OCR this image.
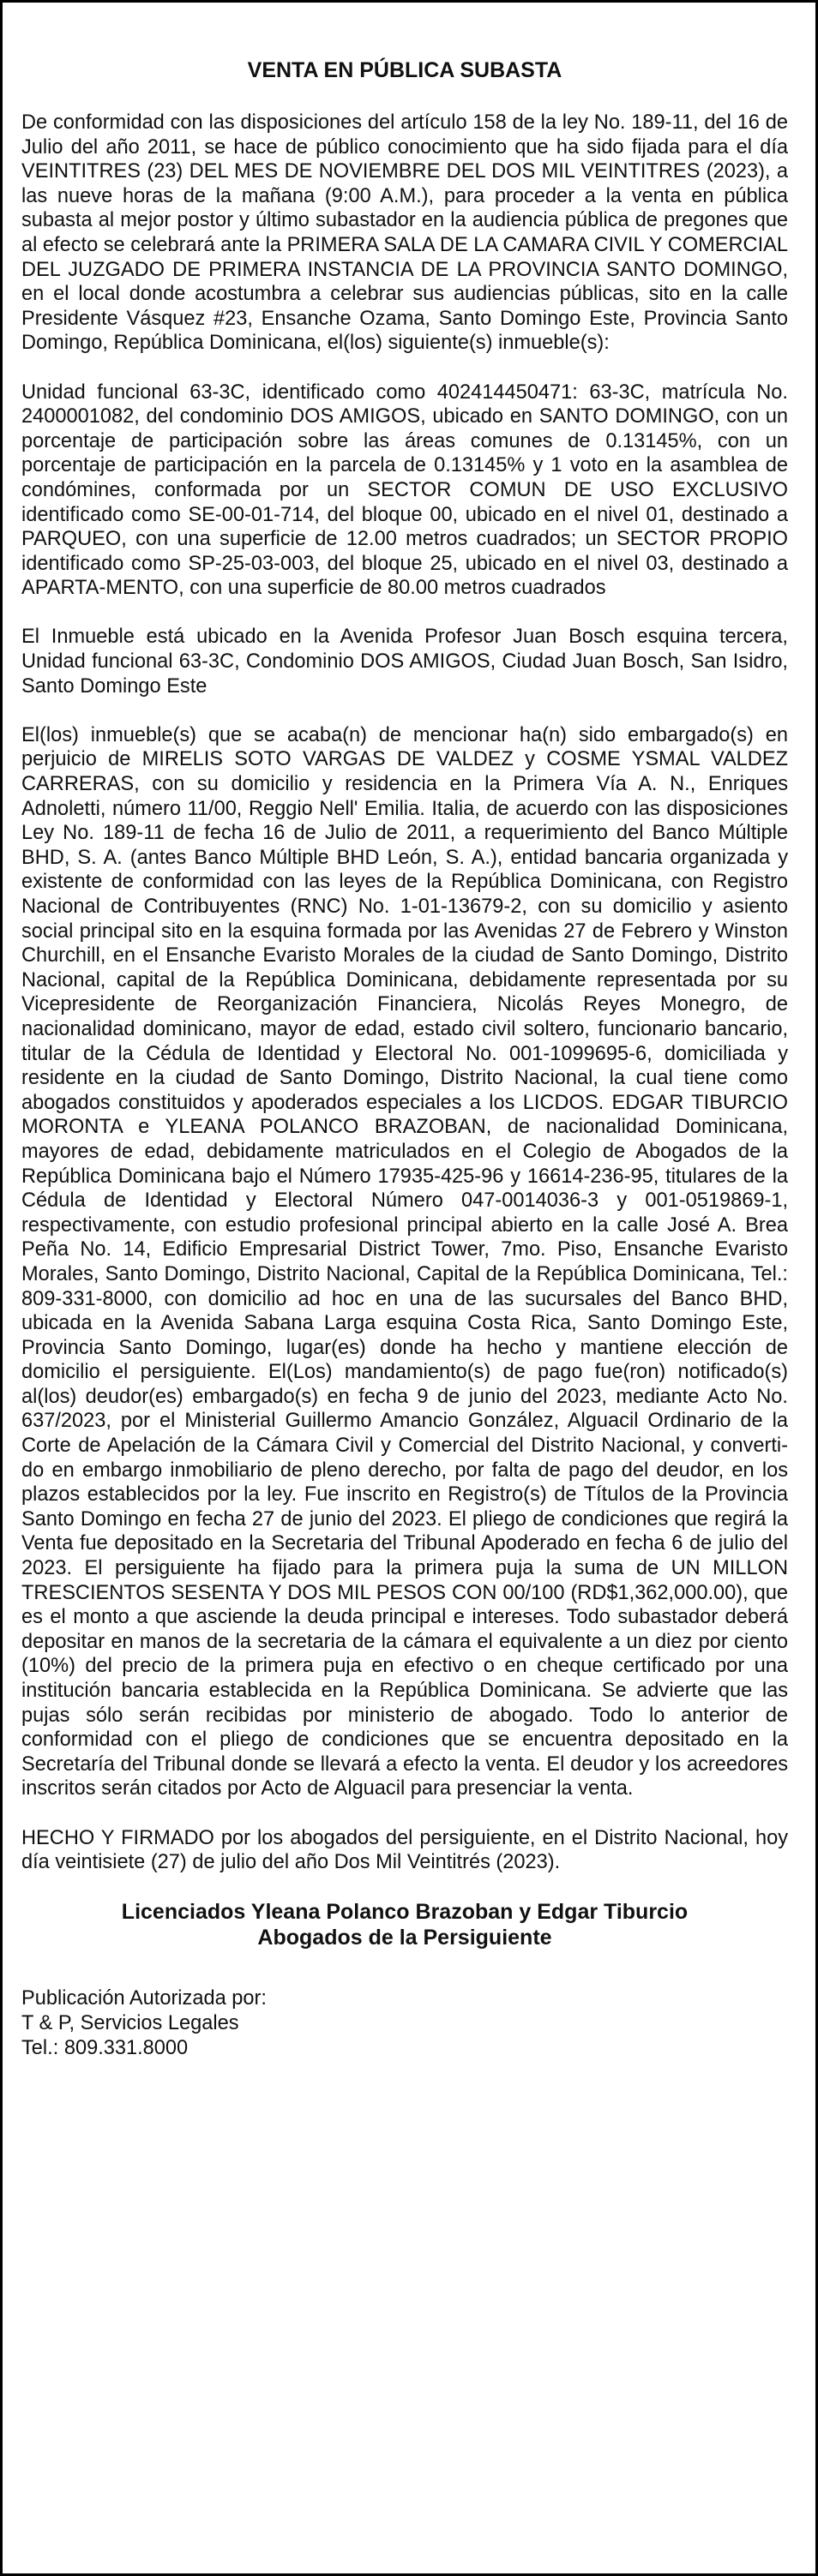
VENTA EN PÚBLICA SUBASTA

De conformidad con las disposiciones del artículo 158 de la ley No. 189-11, del 16 de Julio del año 2011, se hace de público conocimiento que ha sido fijada para el día VEINTITRES (23) DEL MES DE NOVIEMBRE DEL DOS MIL VEINTITRES (2023), a las nueve horas de la mañana (9:00 A.M.), para proceder a la venta en pública subasta al mejor postor y último subastador en la audiencia pública de pregones que al efecto se celebrará ante la PRIMERA SALA DE LA CAMARA CIVIL Y COMERCIAL DEL JUZGADO DE PRIMERA INSTANCIA DE LA PROVINCIA SANTO DOMINGO, en el local donde acostumbra a celebrar sus audiencias públicas, sito en la calle Presidente Vásquez #23, Ensanche Ozama, Santo Domingo Este, Provincia Santo Domingo, República Dominicana, el(los) siguiente(s) inmueble(s):

Unidad funcional 63-3C, identificado como 402414450471: 63-3C, matrícula No. 2400001082, del condominio DOS AMIGOS, ubicado en SANTO DOMINGO, con un porcentaje de participación sobre las áreas comunes de 0.13145%, con un porcentaje de participación en la parcela de 0.13145% y 1 voto en la asamblea de condómines, conformada por un SECTOR COMUN DE USO EXCLUSIVO identificado como SE-00-01-714, del bloque 00, ubicado en el nivel 01, destinado a PARQUEO, con una superficie de 12.00 metros cuadrados; un SECTOR PROPIO identificado como SP-25-03-003, del bloque 25, ubicado en el nivel 03, destinado a APARTA-MENTO, con una superficie de 80.00 metros cuadrados

El Inmueble está ubicado en la Avenida Profesor Juan Bosch esquina tercera, Unidad funcional 63-3C, Condominio DOS AMIGOS, Ciudad Juan Bosch, San Isidro, Santo Domingo Este

El(los) inmueble(s) que se acaba(n) de mencionar ha(n) sido embargado(s) en perjuicio de MIRELIS SOTO VARGAS DE VALDEZ y COSME YSMAL VALDEZ CARRERAS, con su domicilio y residencia en la Primera Vía A. N., Enriques Adnoletti, número 11/00, Reggio Nell' Emilia. Italia, de acuerdo con las disposiciones Ley No. 189-11 de fecha 16 de Julio de 2011, a requerimiento del Banco Múltiple BHD, S. A. (antes Banco Múltiple BHD León, S. A.), entidad bancaria organizada y existente de conformidad con las leyes de la República Dominicana, con Registro Nacional de Contribuyentes (RNC) No. 1-01-13679-2, con su domicilio y asiento social principal sito en la esquina formada por las Avenidas 27 de Febrero y Winston Churchill, en el Ensanche Evaristo Morales de la ciudad de Santo Domingo, Distrito Nacional, capital de la República Dominicana, debidamente representada por su Vicepresidente de Reorganización Financiera, Nicolás Reyes Monegro, de nacionalidad dominicano, mayor de edad, estado civil soltero, funcionario bancario, titular de la Cédula de Identidad y Electoral No. 001-1099695-6, domiciliada y residente en la ciudad de Santo Domingo, Distrito Nacional, la cual tiene como abogados constituidos y apoderados especiales a los LICDOS. EDGAR TIBURCIO MORONTA e YLEANA POLANCO BRAZOBAN, de nacionalidad Dominicana, mayores de edad, debidamente matriculados en el Colegio de Abogados de la República Dominicana bajo el Número 17935-425-96 y 16614-236-95, titulares de la Cédula de Identidad y Electoral Número 047-0014036-3 y 001-0519869-1, respectivamente, con estudio profesional principal abierto en la calle José A. Brea Peña No. 14, Edificio Empresarial District Tower, 7mo. Piso, Ensanche Evaristo Morales, Santo Domingo, Distrito Nacional, Capital de la República Dominicana, Tel.: 809-331-8000, con domicilio ad hoc en una de las sucursales del Banco BHD, ubicada en la Avenida Sabana Larga esquina Costa Rica, Santo Domingo Este, Provincia Santo Domingo, lugar(es) donde ha hecho y mantiene elección de domicilio el persiguiente. El(Los) mandamiento(s) de pago fue(ron) notificado(s) al(los) deudor(es) embargado(s) en fecha 9 de junio del 2023, mediante Acto No. 637/2023, por el Ministerial Guillermo Amancio González, Alguacil Ordinario de la Corte de Apelación de la Cámara Civil y Comercial del Distrito Nacional, y converti-do en embargo inmobiliario de pleno derecho, por falta de pago del deudor, en los plazos establecidos por la ley. Fue inscrito en Registro(s) de Títulos de la Provincia Santo Domingo en fecha 27 de junio del 2023. El pliego de condiciones que regirá la Venta fue depositado en la Secretaria del Tribunal Apoderado en fecha 6 de julio del 2023. El persiguiente ha fijado para la primera puja la suma de UN MILLON TRESCIENTOS SESENTA Y DOS MIL PESOS CON 00/100 (RD$1,362,000.00), que es el monto a que asciende la deuda principal e intereses. Todo subastador deberá depositar en manos de la secretaria de la cámara el equivalente a un diez por ciento (10%) del precio de la primera puja en efectivo o en cheque certificado por una institución bancaria establecida en la República Dominicana. Se advierte que las pujas sólo serán recibidas por ministerio de abogado. Todo lo anterior de conformidad con el pliego de condiciones que se encuentra depositado en la Secretaría del Tribunal donde se llevará a efecto la venta. El deudor y los acreedores inscritos serán citados por Acto de Alguacil para presenciar la venta.

HECHO Y FIRMADO por los abogados del persiguiente, en el Distrito Nacional, hoy día veintisiete (27) de julio del año Dos Mil Veintitrés (2023).

Licenciados Yleana Polanco Brazoban y Edgar Tiburcio
Abogados de la Persiguiente
Publicación Autorizada por:
T & P, Servicios Legales
Tel.: 809.331.8000
